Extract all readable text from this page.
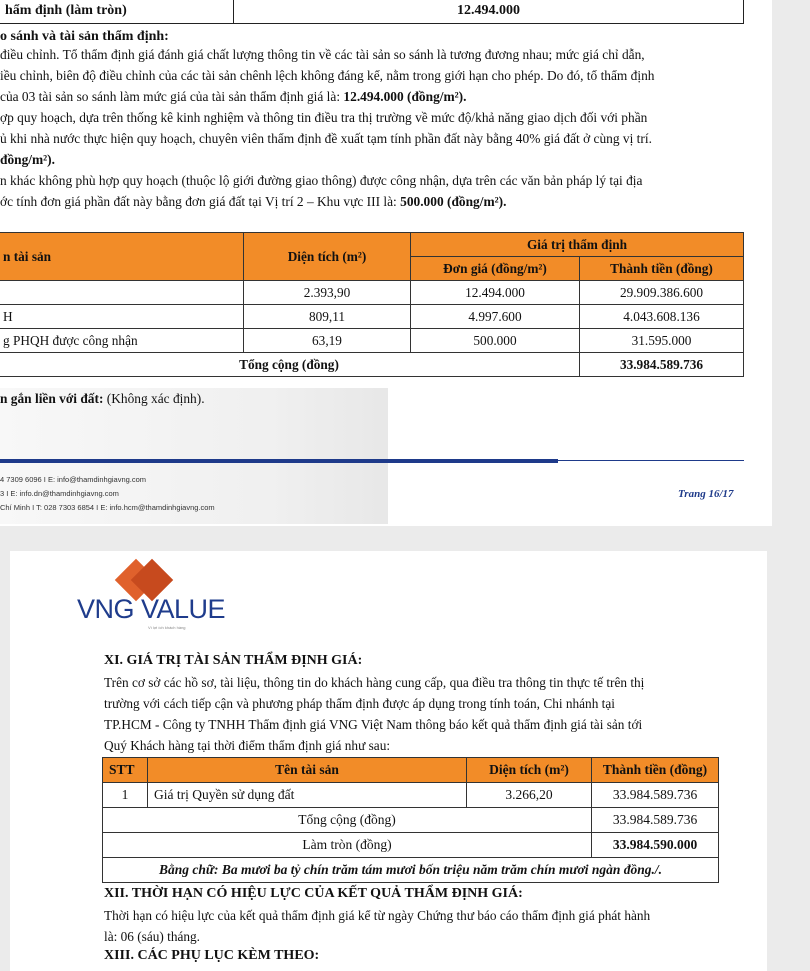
hẩm định (làm tròn)	12.494.000
o sánh và tài sản thẩm định:
điều chỉnh. Tổ thẩm định giá đánh giá chất lượng thông tin về các tài sản so sánh là tương đương nhau; mức giá chỉ dẫn,
iều chỉnh, biên độ điều chỉnh của các tài sản chênh lệch không đáng kể, nằm trong giới hạn cho phép. Do đó, tổ thẩm định
của 03 tài sản so sánh làm mức giá của tài sản thẩm định giá là: 12.494.000 (đồng/m²).
ợp quy hoạch, dựa trên thống kê kinh nghiệm và thông tin điều tra thị trường về mức độ/khả năng giao dịch đối với phần
ủ khi nhà nước thực hiện quy hoạch, chuyên viên thẩm định đề xuất tạm tính phần đất này bằng 40% giá đất ở cùng vị trí.
đồng/m²).
n khác không phù hợp quy hoạch (thuộc lộ giới đường giao thông) được công nhận, dựa trên các văn bản pháp lý tại địa
ớc tính đơn giá phần đất này bằng đơn giá đất tại Vị trí 2 – Khu vực III là: 500.000 (đồng/m²).
n tài sản	Diện tích (m²)	Giá trị thẩm định	
		Đơn giá (đồng/m²)	Thành tiền (đồng)
	2.393,90	12.494.000	29.909.386.600
H	809,11	4.997.600	4.043.608.136
g PHQH được công nhận	63,19	500.000	31.595.000
Tổng cộng (đồng)			33.984.589.736
n gắn liền với đất: (Không xác định).
4 7309 6096 I E: info@thamdinhgiavng.com
3 I E: info.dn@thamdinhgiavng.com
Chí Minh I T: 028 7303 6854 I E: info.hcm@thamdinhgiavng.com
Trang 16/17
VNG VALUE
Vì lợi ích khách hàng
XI. GIÁ TRỊ TÀI SẢN THẨM ĐỊNH GIÁ:
Trên cơ sở các hồ sơ, tài liệu, thông tin do khách hàng cung cấp, qua điều tra thông tin thực tế trên thị
trường với cách tiếp cận và phương pháp thẩm định được áp dụng trong tính toán, Chi nhánh tại
TP.HCM - Công ty TNHH Thẩm định giá VNG Việt Nam thông báo kết quả thẩm định giá tài sản tới
Quý Khách hàng tại thời điểm thẩm định giá như sau:
STT	Tên tài sản	Diện tích (m²)	Thành tiền (đồng)
1	Giá trị Quyền sử dụng đất	3.266,20	33.984.589.736
Tổng cộng (đồng)			33.984.589.736
Làm tròn (đồng)			33.984.590.000
Bằng chữ: Ba mươi ba tỷ chín trăm tám mươi bốn triệu năm trăm chín mươi ngàn đồng./.			
XII. THỜI HẠN CÓ HIỆU LỰC CỦA KẾT QUẢ THẨM ĐỊNH GIÁ:
Thời hạn có hiệu lực của kết quả thẩm định giá kể từ ngày Chứng thư báo cáo thẩm định giá phát hành
là: 06 (sáu) tháng.
XIII. CÁC PHỤ LỤC KÈM THEO:
